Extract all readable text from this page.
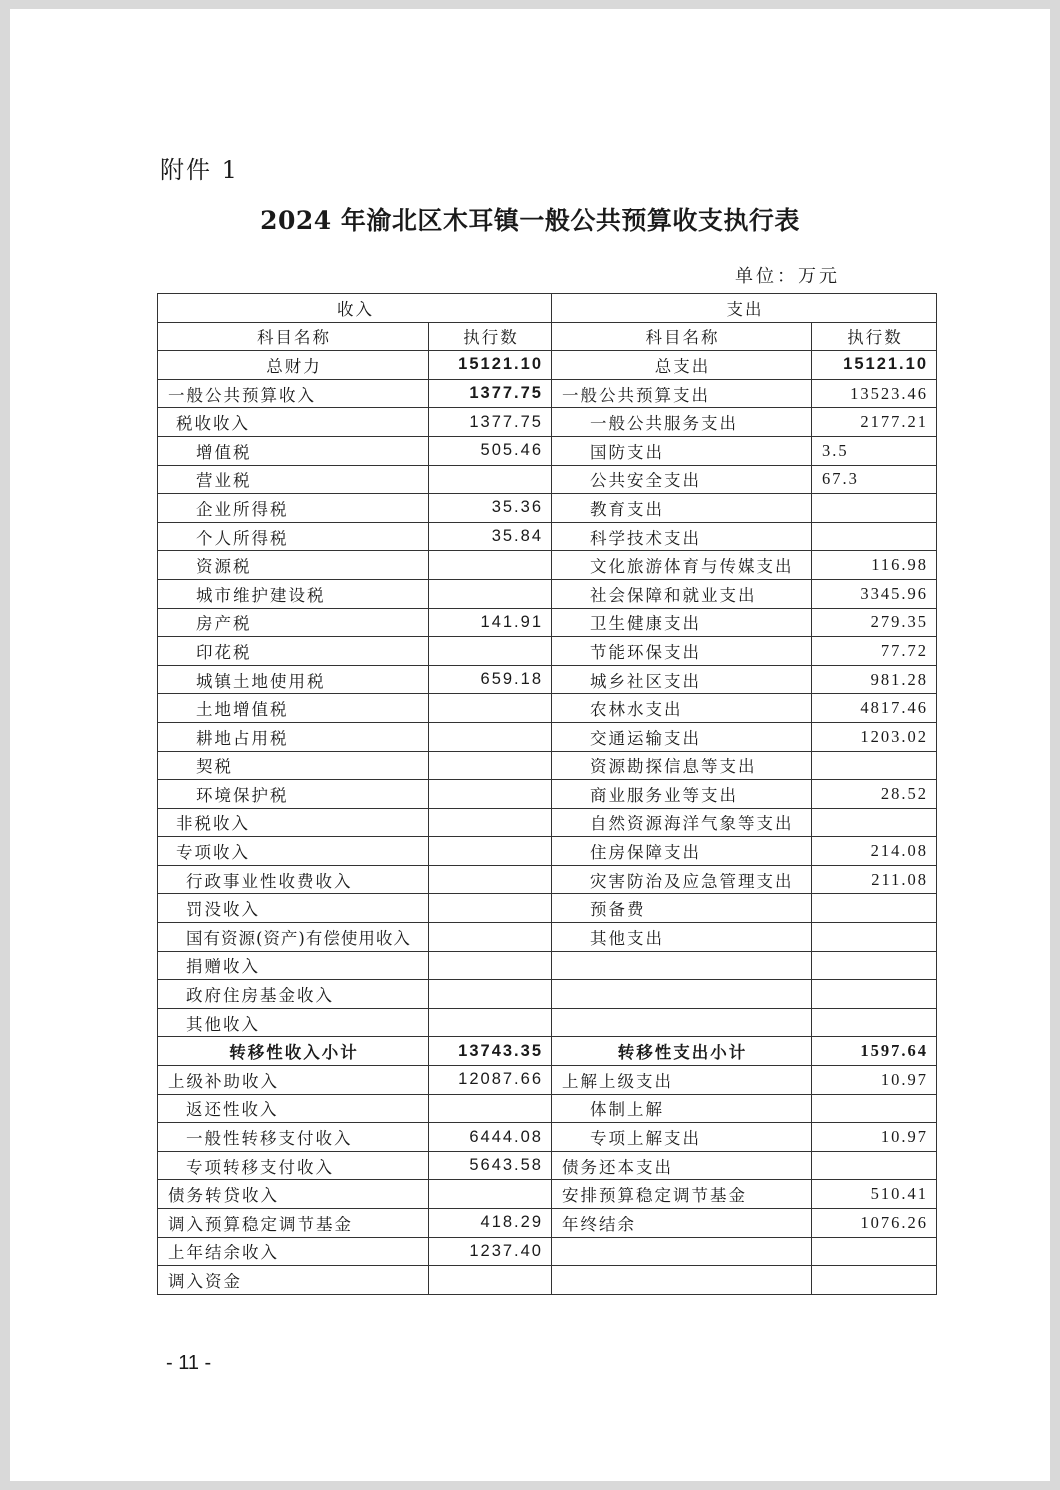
附件 1
2024 年渝北区木耳镇一般公共预算收支执行表
单位：万元
收入		支出	
科目名称	执行数	科目名称	执行数
总财力	15121.10	总支出	15121.10
一般公共预算收入	1377.75	一般公共预算支出	13523.46
税收收入	1377.75	一般公共服务支出	2177.21
增值税	505.46	国防支出	3.5
营业税		公共安全支出	67.3
企业所得税	35.36	教育支出	
个人所得税	35.84	科学技术支出	
资源税		文化旅游体育与传媒支出	116.98
城市维护建设税		社会保障和就业支出	3345.96
房产税	141.91	卫生健康支出	279.35
印花税		节能环保支出	77.72
城镇土地使用税	659.18	城乡社区支出	981.28
土地增值税		农林水支出	4817.46
耕地占用税		交通运输支出	1203.02
契税		资源勘探信息等支出	
环境保护税		商业服务业等支出	28.52
非税收入		自然资源海洋气象等支出	
专项收入		住房保障支出	214.08
行政事业性收费收入		灾害防治及应急管理支出	211.08
罚没收入		预备费	
国有资源(资产)有偿使用收入		其他支出	
捐赠收入			
政府住房基金收入			
其他收入			
转移性收入小计	13743.35	转移性支出小计	1597.64
上级补助收入	12087.66	上解上级支出	10.97
返还性收入		体制上解	
一般性转移支付收入	6444.08	专项上解支出	10.97
专项转移支付收入	5643.58	债务还本支出	
债务转贷收入		安排预算稳定调节基金	510.41
调入预算稳定调节基金	418.29	年终结余	1076.26
上年结余收入	1237.40		
调入资金			
- 11 -
